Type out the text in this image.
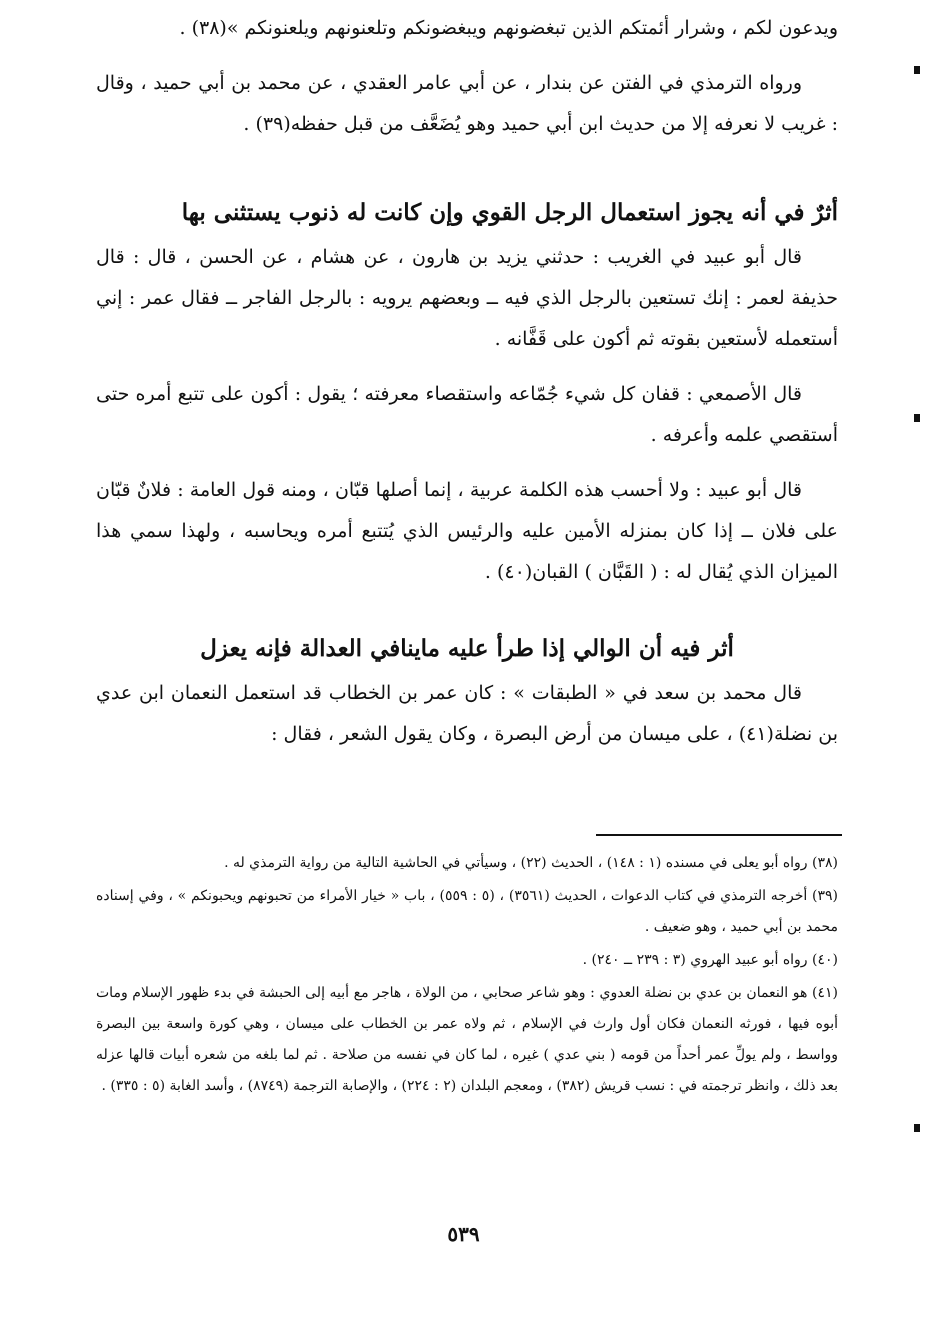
ويدعون لكم ، وشرار أئمتكم الذين تبغضونهم ويبغضونكم وتلعنونهم ويلعنونكم »(٣٨) .

ورواه الترمذي في الفتن عن بندار ، عن أبي عامر العقدي ، عن محمد بن أبي حميد ، وقال : غريب لا نعرفه إلا من حديث ابن أبي حميد وهو يُضَعَّف من قبل حفظه(٣٩) .

أثرٌ في أنه يجوز استعمال الرجل القوي وإن كانت له ذنوب يستثنى بها

قال أبو عبيد في الغريب : حدثني يزيد بن هارون ، عن هشام ، عن الحسن ، قال : قال حذيفة لعمر : إنك تستعين بالرجل الذي فيه ــ وبعضهم يرويه : بالرجل الفاجر ــ فقال عمر : إني أستعمله لأستعين بقوته ثم أكون على قَفَّانه .

قال الأصمعي : قفان كل شيء جُمّاعه واستقصاء معرفته ؛ يقول : أكون على تتبع أمره حتى أستقصي علمه وأعرفه .

قال أبو عبيد : ولا أحسب هذه الكلمة عربية ، إنما أصلها قبّان ، ومنه قول العامة : فلانٌ قبّان على فلان ــ إذا كان بمنزله الأمين عليه والرئيس الذي يُتتبع أمره ويحاسبه ، ولهذا سمي هذا الميزان الذي يُقال له : ( القَبَّان ) القبان(٤٠) .

أثر فيه أن الوالي إذا طرأ عليه ماينافي العدالة فإنه يعزل

قال محمد بن سعد في « الطبقات » : كان عمر بن الخطاب قد استعمل النعمان ابن عدي بن نضلة(٤١) ، على ميسان من أرض البصرة ، وكان يقول الشعر ، فقال :

(٣٨) رواه أبو يعلى في مسنده (١ : ١٤٨) ، الحديث (٢٢) ، وسيأتي في الحاشية التالية من رواية الترمذي له .

(٣٩) أخرجه الترمذي في كتاب الدعوات ، الحديث (٣٥٦١) ، (٥ : ٥٥٩) ، باب « خيار الأمراء من تحبونهم ويحبونكم » ، وفي إسناده محمد بن أبي حميد ، وهو ضعيف .

(٤٠) رواه أبو عبيد الهروي (٣ : ٢٣٩ ــ ٢٤٠) .

(٤١) هو النعمان بن عدي بن نضلة العدوي : وهو شاعر صحابي ، من الولاة ، هاجر مع أبيه إلى الحبشة في بدء ظهور الإسلام ومات أبوه فيها ، فورثه النعمان فكان أول وارث في الإسلام ، ثم ولاه عمر بن الخطاب على ميسان ، وهي كورة واسعة بين البصرة وواسط ، ولم يولِّ عمر أحداً من قومه ( بني عدي ) غيره ، لما كان في نفسه من صلاحة . ثم لما بلغه من شعره أبيات قالها عزله بعد ذلك ، وانظر ترجمته في : نسب قريش (٣٨٢) ، ومعجم البلدان (٢ : ٢٢٤) ، والإصابة الترجمة (٨٧٤٩) ، وأسد الغابة (٥ : ٣٣٥) .

٥٣٩
